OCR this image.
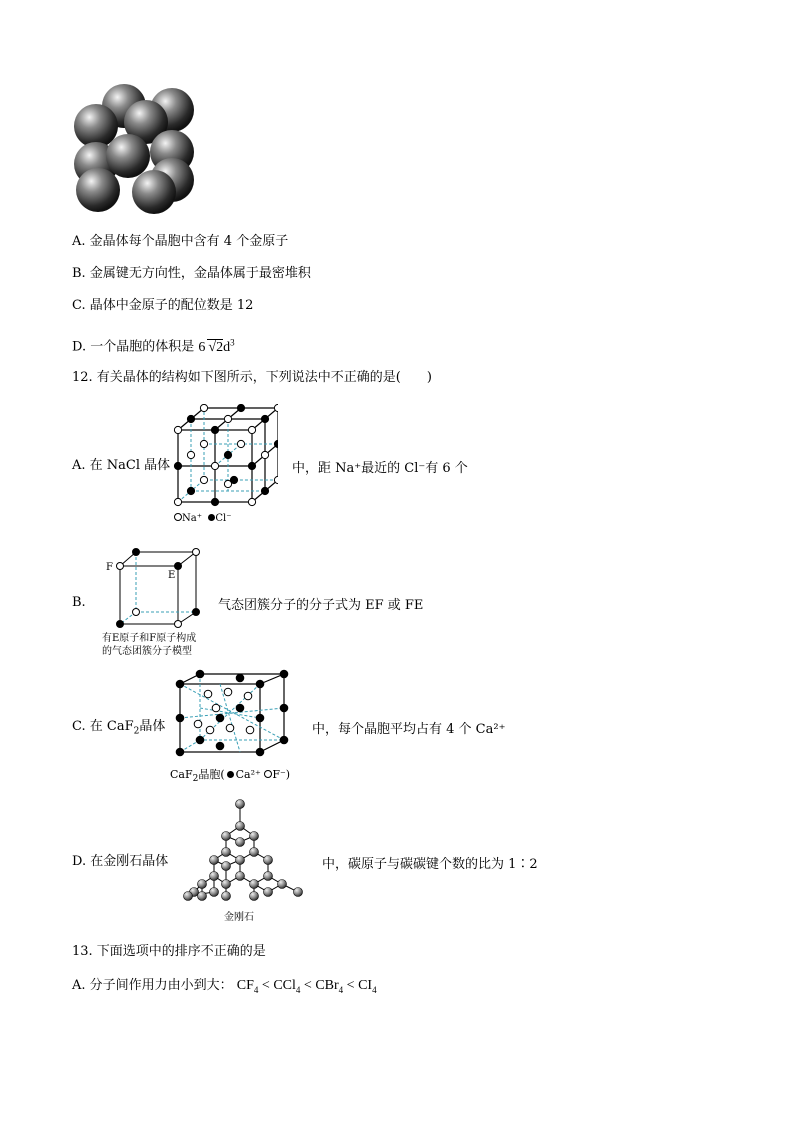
A. 金晶体每个晶胞中含有 4 个金原子
B. 金属键无方向性，金晶体属于最密堆积
C. 晶体中金原子的配位数是 12
D. 一个晶胞的体积是 6 $√2d^3$
12. 有关晶体的结构如下图所示，下列说法中不正确的是(　　)
A. 在 NaCl 晶体
Na⁺ Cl⁻
中，距 Na⁺最近的 Cl⁻有 6 个
B.
F
E
有E原子和F原子构成
的气态团簇分子模型
气态团簇分子的分子式为 EF 或 FE
C. 在 CaF$_2$晶体
CaF$_2$晶胞( Ca²⁺ F⁻)
中，每个晶胞平均占有 4 个 Ca²⁺
D. 在金刚石晶体
金刚石
中，碳原子与碳碳键个数的比为 1∶2
13. 下面选项中的排序不正确的是
A. 分子间作用力由小到大： $CF_4 < CCl_4 < CBr_4 < CI_4$
